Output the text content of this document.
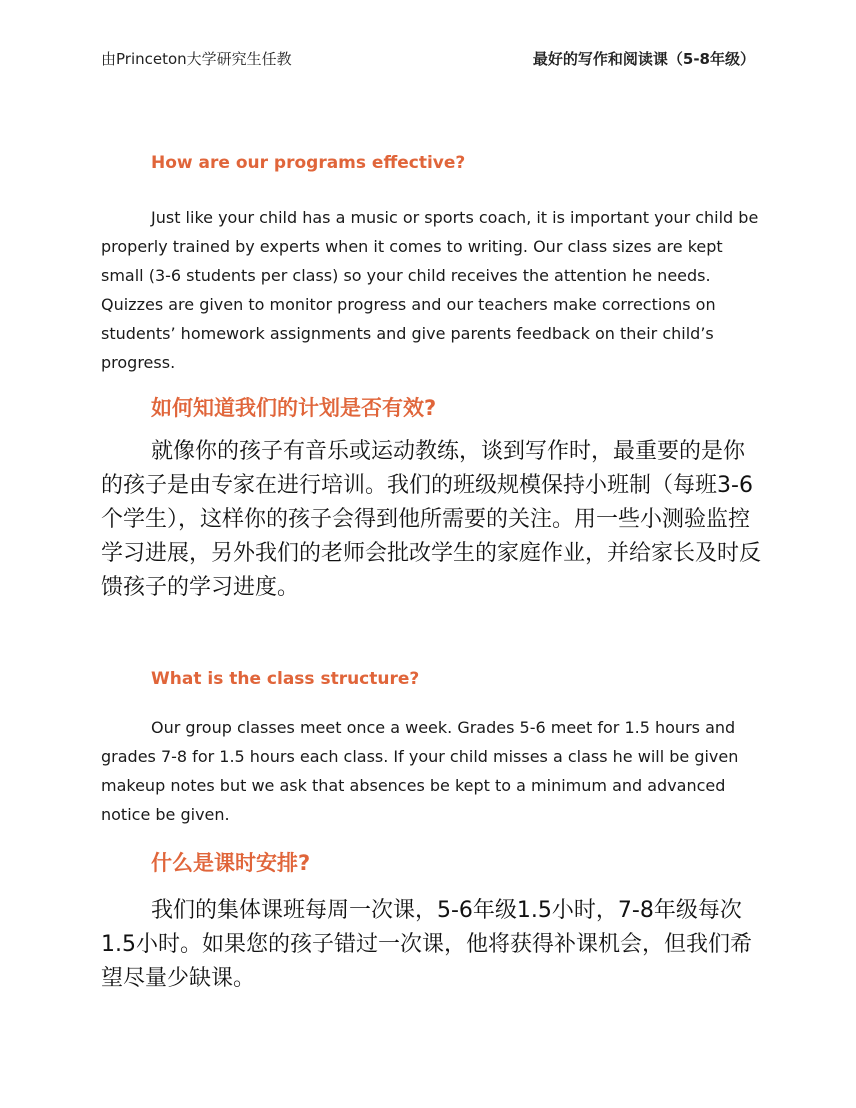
由Princeton大学研究生任教	最好的写作和阅读课（5-8年级）
How are our programs effective?

Just like your child has a music or sports coach, it is important your child be properly trained by experts when it comes to writing. Our class sizes are kept small (3-6 students per class) so your child receives the attention he needs. Quizzes are given to monitor progress and our teachers make corrections on students’ homework assignments and give parents feedback on their child’s progress.

如何知道我们的计划是否有效?

就像你的孩子有音乐或运动教练，谈到写作时，最重要的是你的孩子是由专家在进行培训。我们的班级规模保持小班制（每班3-6个学生），这样你的孩子会得到他所需要的关注。用一些小测验监控学习进展，另外我们的老师会批改学生的家庭作业，并给家长及时反馈孩子的学习进度。

What is the class structure?

Our group classes meet once a week. Grades 5-6 meet for 1.5 hours and grades 7-8 for 1.5 hours each class. If your child misses a class he will be given makeup notes but we ask that absences be kept to a minimum and advanced notice be given.

什么是课时安排?

我们的集体课班每周一次课，5-6年级1.5小时，7-8年级每次1.5小时。如果您的孩子错过一次课，他将获得补课机会，但我们希望尽量少缺课。
